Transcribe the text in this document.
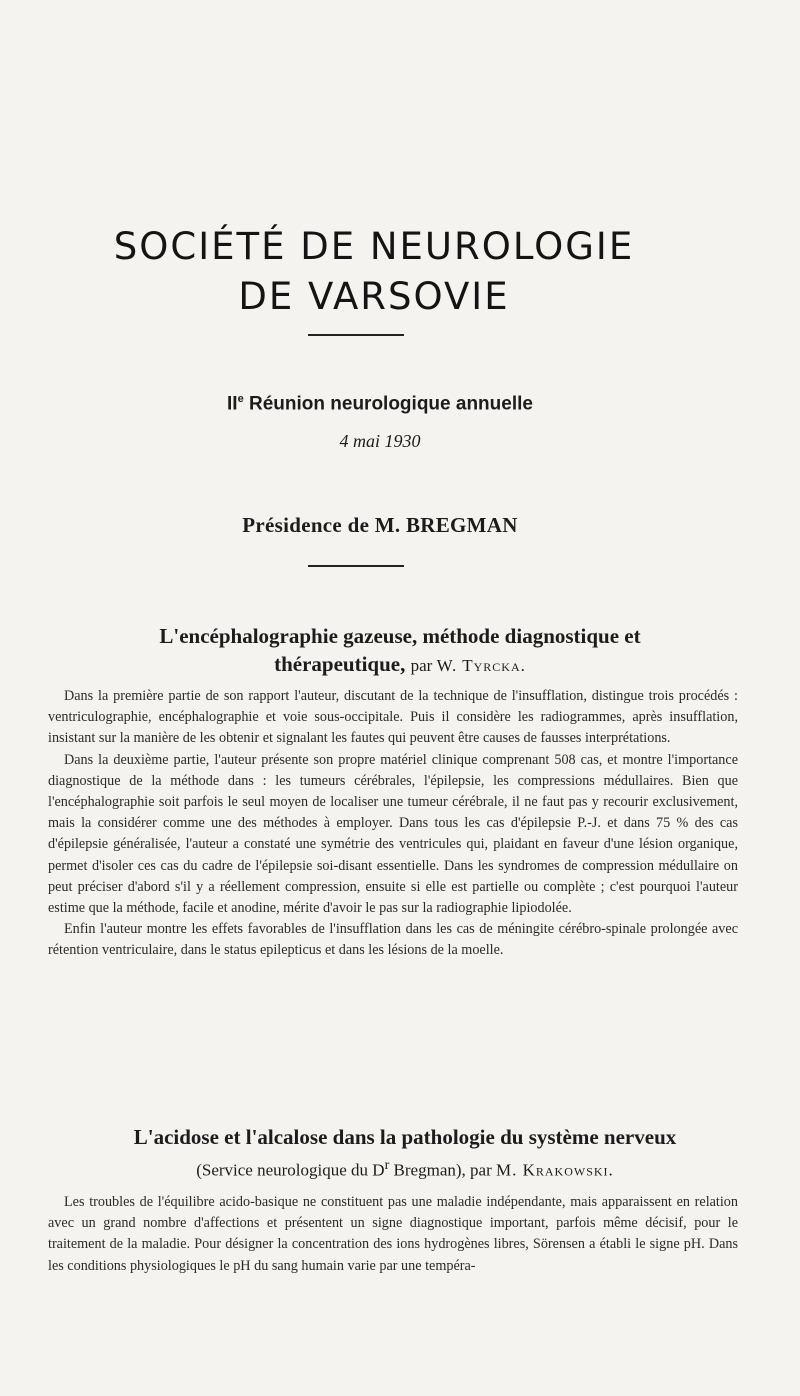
SOCIÉTÉ DE NEUROLOGIE
DE VARSOVIE
IIe Réunion neurologique annuelle
4 mai 1930
Présidence de M. BREGMAN
L'encéphalographie gazeuse, méthode diagnostique et
thérapeutique, par W. Tyrcka.

Dans la première partie de son rapport l'auteur, discutant de la technique de l'insufflation, distingue trois procédés : ventriculographie, encéphalographie et voie sous-occipitale. Puis il considère les radiogrammes, après insufflation, insistant sur la manière de les obtenir et signalant les fautes qui peuvent être causes de fausses interprétations.

Dans la deuxième partie, l'auteur présente son propre matériel clinique comprenant 508 cas, et montre l'importance diagnostique de la méthode dans : les tumeurs cérébrales, l'épilepsie, les compressions médullaires. Bien que l'encéphalographie soit parfois le seul moyen de localiser une tumeur cérébrale, il ne faut pas y recourir exclusivement, mais la considérer comme une des méthodes à employer. Dans tous les cas d'épilepsie P.-J. et dans 75 % des cas d'épilepsie généralisée, l'auteur a constaté une symétrie des ventricules qui, plaidant en faveur d'une lésion organique, permet d'isoler ces cas du cadre de l'épilepsie soi-disant essentielle. Dans les syndromes de compression médullaire on peut préciser d'abord s'il y a réellement compression, ensuite si elle est partielle ou complète ; c'est pourquoi l'auteur estime que la méthode, facile et anodine, mérite d'avoir le pas sur la radiographie lipiodolée.

Enfin l'auteur montre les effets favorables de l'insufflation dans les cas de méningite cérébro-spinale prolongée avec rétention ventriculaire, dans le status epilepticus et dans les lésions de la moelle.

L'acidose et l'alcalose dans la pathologie du système nerveux
(Service neurologique du $D^r$ Bregman), par M. Krakowski.

Les troubles de l'équilibre acido-basique ne constituent pas une maladie indépendante, mais apparaissent en relation avec un grand nombre d'affections et présentent un signe diagnostique important, parfois même décisif, pour le traitement de la maladie. Pour désigner la concentration des ions hydrogènes libres, Sörensen a établi le signe pH. Dans les conditions physiologiques le pH du sang humain varie par une tempéra-
